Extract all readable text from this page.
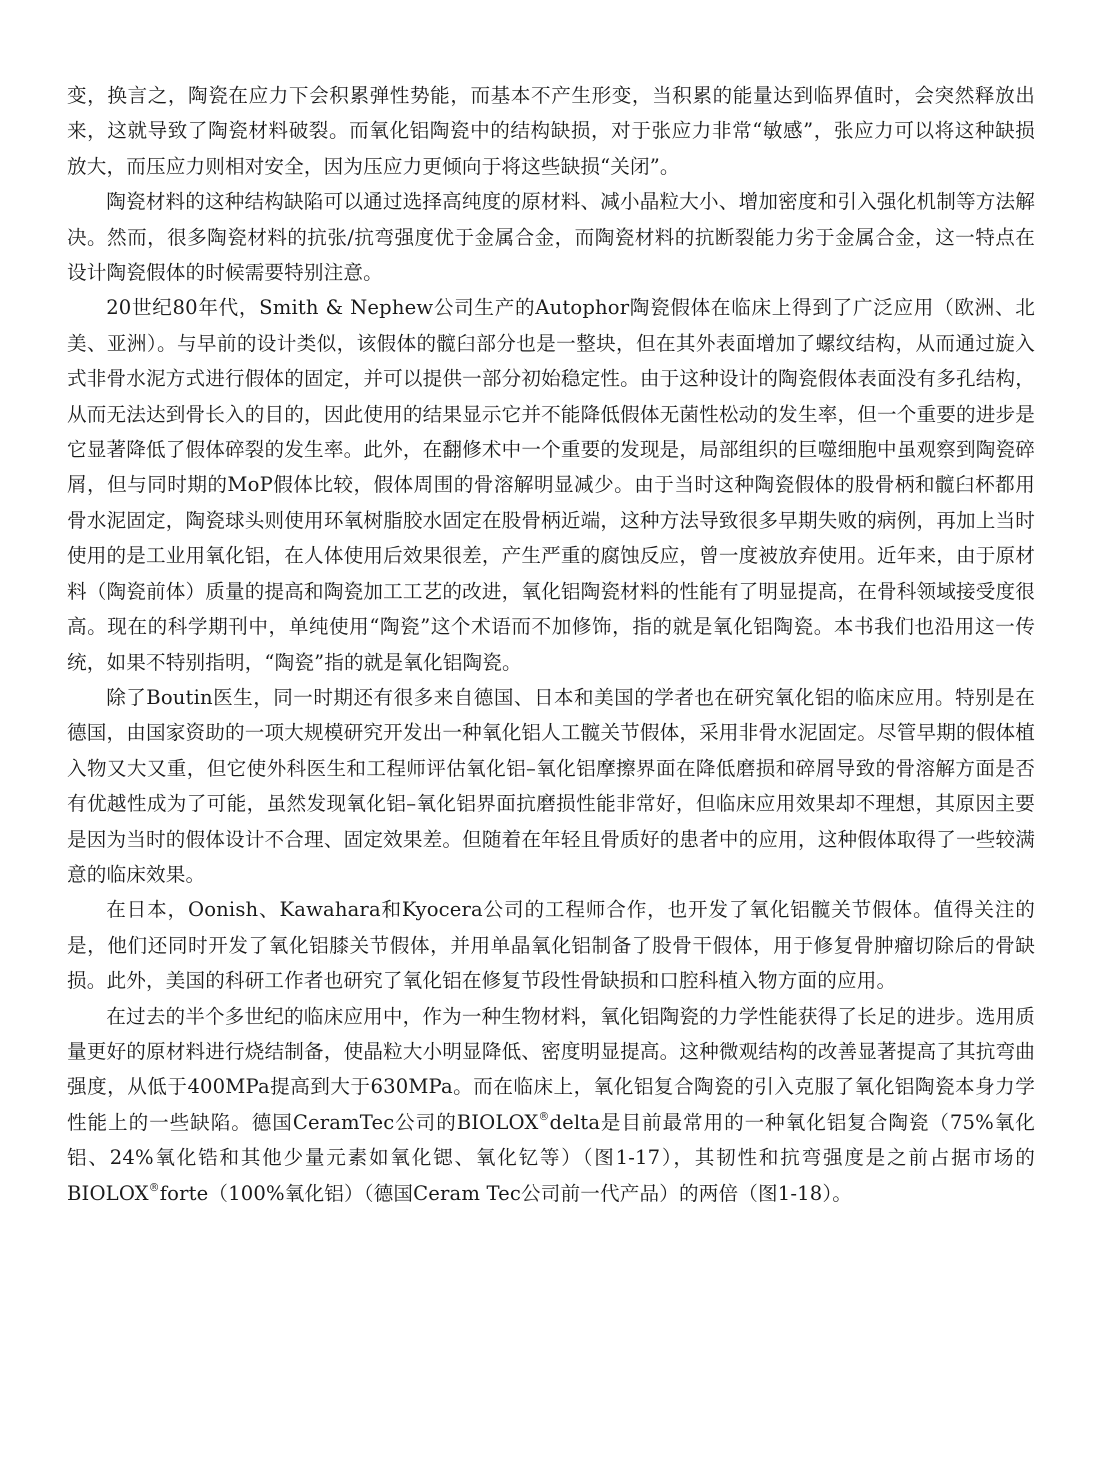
变，换言之，陶瓷在应力下会积累弹性势能，而基本不产生形变，当积累的能量达到临界值时，会突然释放出来，这就导致了陶瓷材料破裂。而氧化铝陶瓷中的结构缺损，对于张应力非常“敏感”，张应力可以将这种缺损放大，而压应力则相对安全，因为压应力更倾向于将这些缺损“关闭”。

陶瓷材料的这种结构缺陷可以通过选择高纯度的原材料、减小晶粒大小、增加密度和引入强化机制等方法解决。然而，很多陶瓷材料的抗张/抗弯强度优于金属合金，而陶瓷材料的抗断裂能力劣于金属合金，这一特点在设计陶瓷假体的时候需要特别注意。

20世纪80年代，Smith & Nephew公司生产的Autophor陶瓷假体在临床上得到了广泛应用（欧洲、北美、亚洲）。与早前的设计类似，该假体的髋臼部分也是一整块，但在其外表面增加了螺纹结构，从而通过旋入式非骨水泥方式进行假体的固定，并可以提供一部分初始稳定性。由于这种设计的陶瓷假体表面没有多孔结构，从而无法达到骨长入的目的，因此使用的结果显示它并不能降低假体无菌性松动的发生率，但一个重要的进步是它显著降低了假体碎裂的发生率。此外，在翻修术中一个重要的发现是，局部组织的巨噬细胞中虽观察到陶瓷碎屑，但与同时期的MoP假体比较，假体周围的骨溶解明显减少。由于当时这种陶瓷假体的股骨柄和髋臼杯都用骨水泥固定，陶瓷球头则使用环氧树脂胶水固定在股骨柄近端，这种方法导致很多早期失败的病例，再加上当时使用的是工业用氧化铝，在人体使用后效果很差，产生严重的腐蚀反应，曾一度被放弃使用。近年来，由于原材料（陶瓷前体）质量的提高和陶瓷加工工艺的改进，氧化铝陶瓷材料的性能有了明显提高，在骨科领域接受度很高。现在的科学期刊中，单纯使用“陶瓷”这个术语而不加修饰，指的就是氧化铝陶瓷。本书我们也沿用这一传统，如果不特别指明，“陶瓷”指的就是氧化铝陶瓷。

除了Boutin医生，同一时期还有很多来自德国、日本和美国的学者也在研究氧化铝的临床应用。特别是在德国，由国家资助的一项大规模研究开发出一种氧化铝人工髋关节假体，采用非骨水泥固定。尽管早期的假体植入物又大又重，但它使外科医生和工程师评估氧化铝–氧化铝摩擦界面在降低磨损和碎屑导致的骨溶解方面是否有优越性成为了可能，虽然发现氧化铝–氧化铝界面抗磨损性能非常好，但临床应用效果却不理想，其原因主要是因为当时的假体设计不合理、固定效果差。但随着在年轻且骨质好的患者中的应用，这种假体取得了一些较满意的临床效果。

在日本，Oonish、Kawahara和Kyocera公司的工程师合作，也开发了氧化铝髋关节假体。值得关注的是，他们还同时开发了氧化铝膝关节假体，并用单晶氧化铝制备了股骨干假体，用于修复骨肿瘤切除后的骨缺损。此外，美国的科研工作者也研究了氧化铝在修复节段性骨缺损和口腔科植入物方面的应用。

在过去的半个多世纪的临床应用中，作为一种生物材料，氧化铝陶瓷的力学性能获得了长足的进步。选用质量更好的原材料进行烧结制备，使晶粒大小明显降低、密度明显提高。这种微观结构的改善显著提高了其抗弯曲强度，从低于400MPa提高到大于630MPa。而在临床上，氧化铝复合陶瓷的引入克服了氧化铝陶瓷本身力学性能上的一些缺陷。德国CeramTec公司的BIOLOX®delta是目前最常用的一种氧化铝复合陶瓷（75%氧化铝、24%氧化锆和其他少量元素如氧化锶、氧化钇等）（图1-17），其韧性和抗弯强度是之前占据市场的BIOLOX®forte（100%氧化铝）（德国Ceram Tec公司前一代产品）的两倍（图1-18）。
